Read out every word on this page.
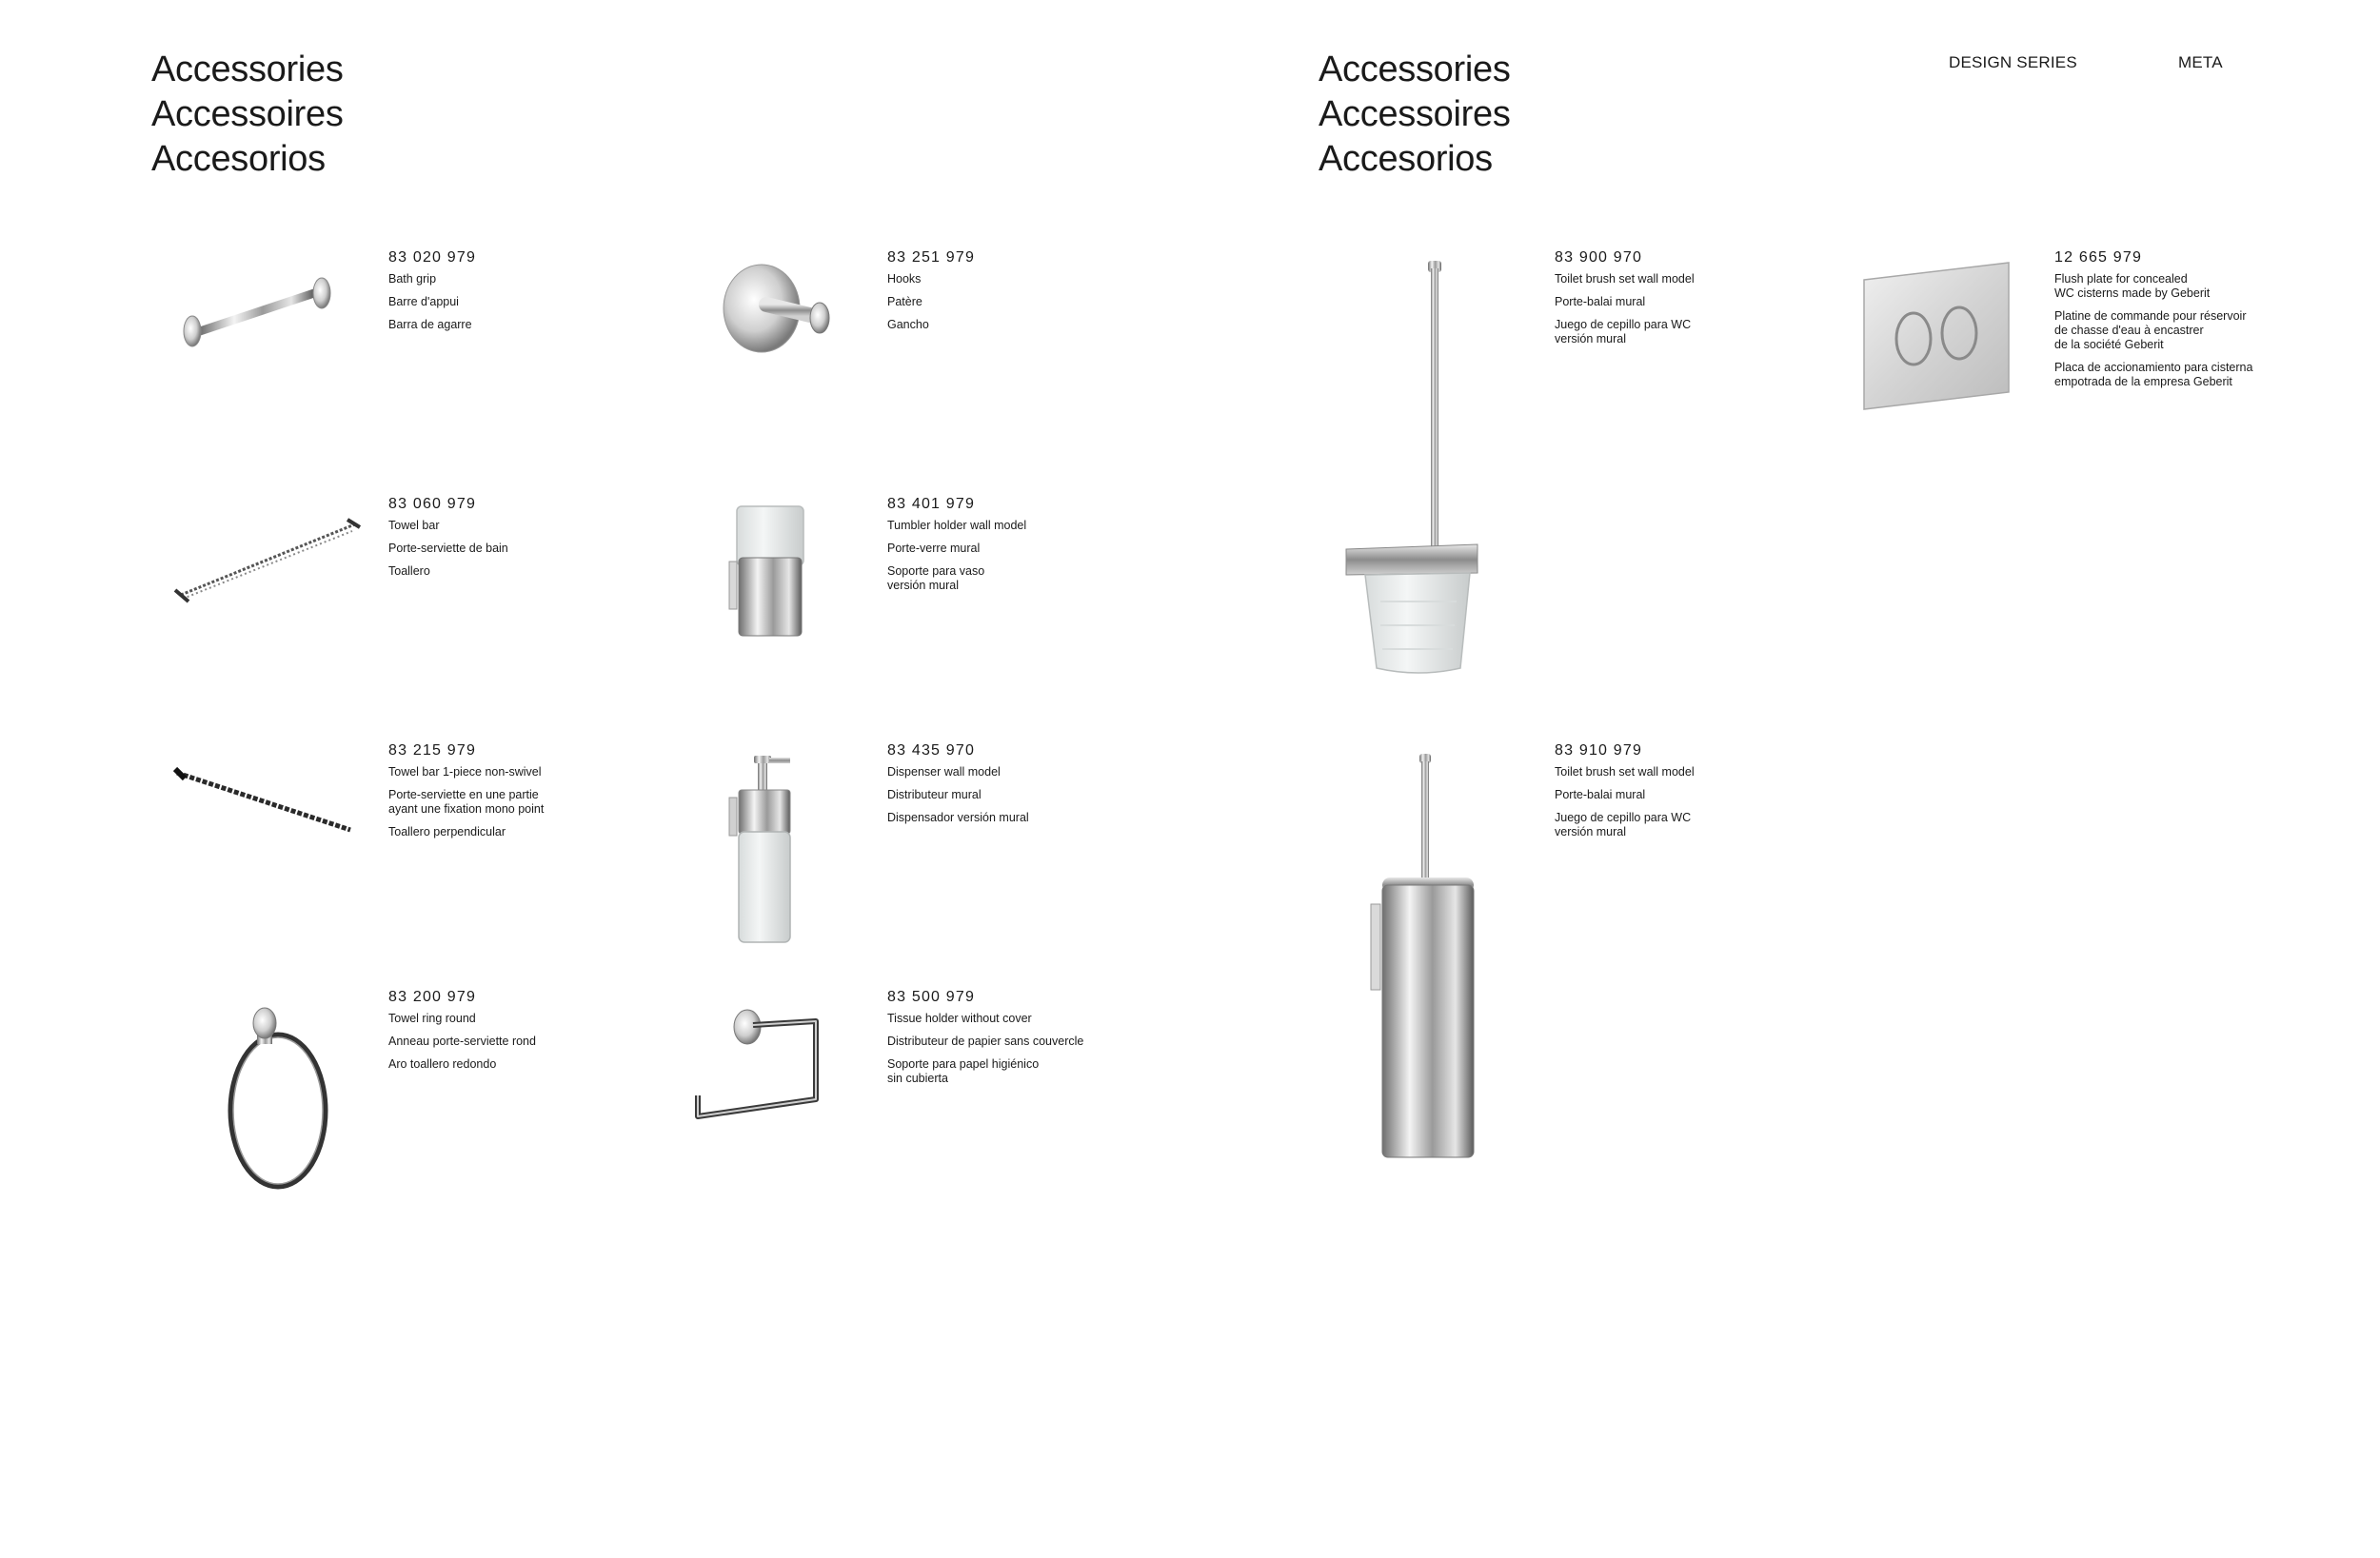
Accessories
Accessoires
Accesorios
Accessories
Accessoires
Accesorios
DESIGN SERIES	META
83 020 979
Bath grip
Barre d'appui
Barra de agarre
83 251 979
Hooks
Patère
Gancho
83 060 979
Towel bar
Porte-serviette de bain
Toallero
83 401 979
Tumbler holder wall model
Porte-verre mural
Soporte para vaso
versión mural
83 215 979
Towel bar 1-piece non-swivel
Porte-serviette en une partie
ayant une fixation mono point
Toallero perpendicular
83 435 970
Dispenser wall model
Distributeur mural
Dispensador versión mural
83 200 979
Towel ring round
Anneau porte-serviette rond
Aro toallero redondo
83 500 979
Tissue holder without cover
Distributeur de papier sans couvercle
Soporte para papel higiénico
sin cubierta
83 900 970
Toilet brush set wall model
Porte-balai mural
Juego de cepillo para WC
versión mural
12 665 979
Flush plate for concealed
WC cisterns made by Geberit
Platine de commande pour réservoir
de chasse d'eau à encastrer
de la société Geberit
Placa de accionamiento para cisterna
empotrada de la empresa Geberit
83 910 979
Toilet brush set wall model
Porte-balai mural
Juego de cepillo para WC
versión mural
